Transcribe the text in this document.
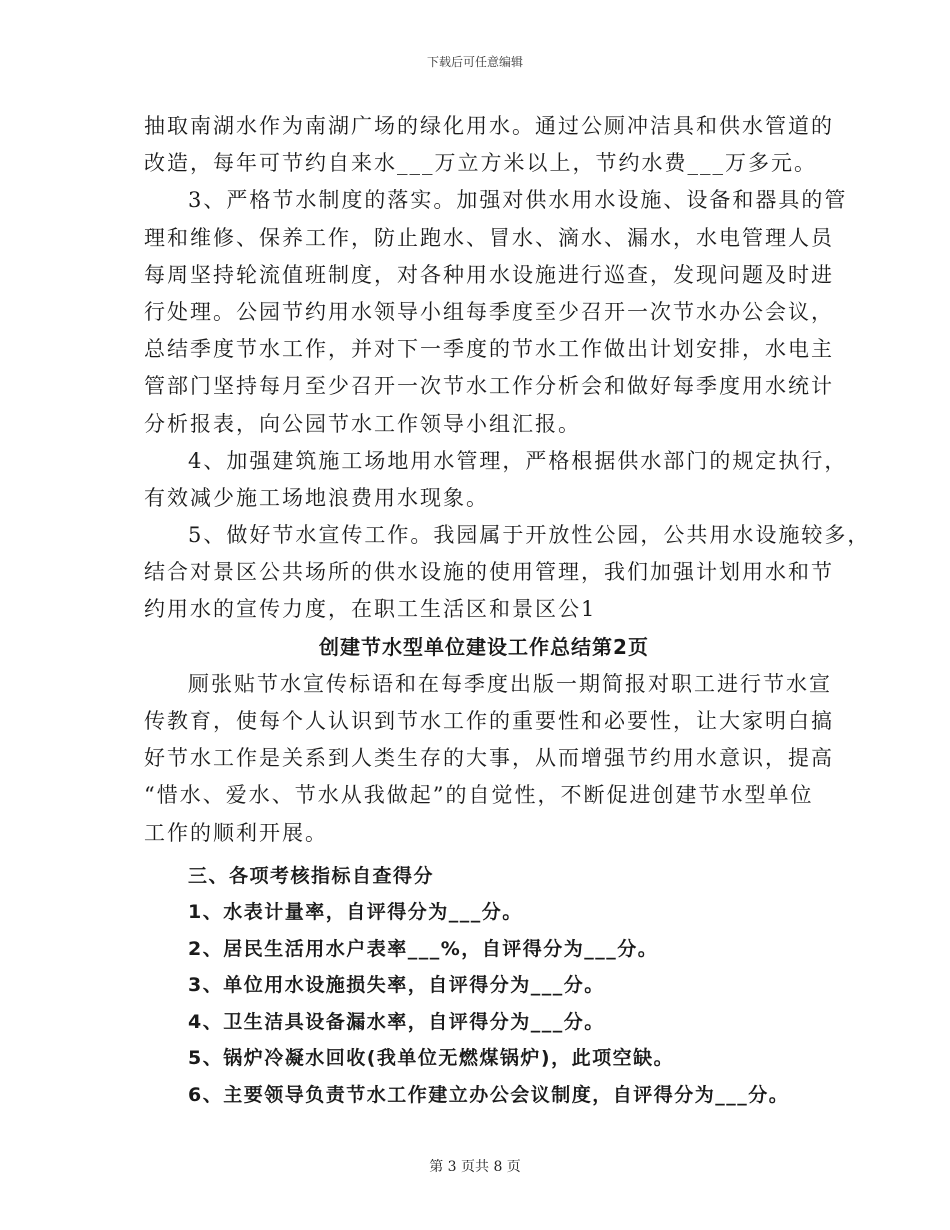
下载后可任意编辑
抽取南湖水作为南湖广场的绿化用水。通过公厕冲洁具和供水管道的
改造，每年可节约自来水___万立方米以上，节约水费___万多元。
3、严格节水制度的落实。加强对供水用水设施、设备和器具的管
理和维修、保养工作，防止跑水、冒水、滴水、漏水，水电管理人员
每周坚持轮流值班制度，对各种用水设施进行巡查，发现问题及时进
行处理。公园节约用水领导小组每季度至少召开一次节水办公会议，
总结季度节水工作，并对下一季度的节水工作做出计划安排，水电主
管部门坚持每月至少召开一次节水工作分析会和做好每季度用水统计
分析报表，向公园节水工作领导小组汇报。
4、加强建筑施工场地用水管理，严格根据供水部门的规定执行，
有效减少施工场地浪费用水现象。
5、做好节水宣传工作。我园属于开放性公园，公共用水设施较多，
结合对景区公共场所的供水设施的使用管理，我们加强计划用水和节
约用水的宣传力度，在职工生活区和景区公1
创建节水型单位建设工作总结第2页
厕张贴节水宣传标语和在每季度出版一期简报对职工进行节水宣
传教育，使每个人认识到节水工作的重要性和必要性，让大家明白搞
好节水工作是关系到人类生存的大事，从而增强节约用水意识，提高
“惜水、爱水、节水从我做起”的自觉性，不断促进创建节水型单位
工作的顺利开展。
三、各项考核指标自查得分
1、水表计量率，自评得分为___分。
2、居民生活用水户表率___%，自评得分为___分。
3、单位用水设施损失率，自评得分为___分。
4、卫生洁具设备漏水率，自评得分为___分。
5、锅炉冷凝水回收(我单位无燃煤锅炉)，此项空缺。
6、主要领导负责节水工作建立办公会议制度，自评得分为___分。
第 3 页共 8 页
